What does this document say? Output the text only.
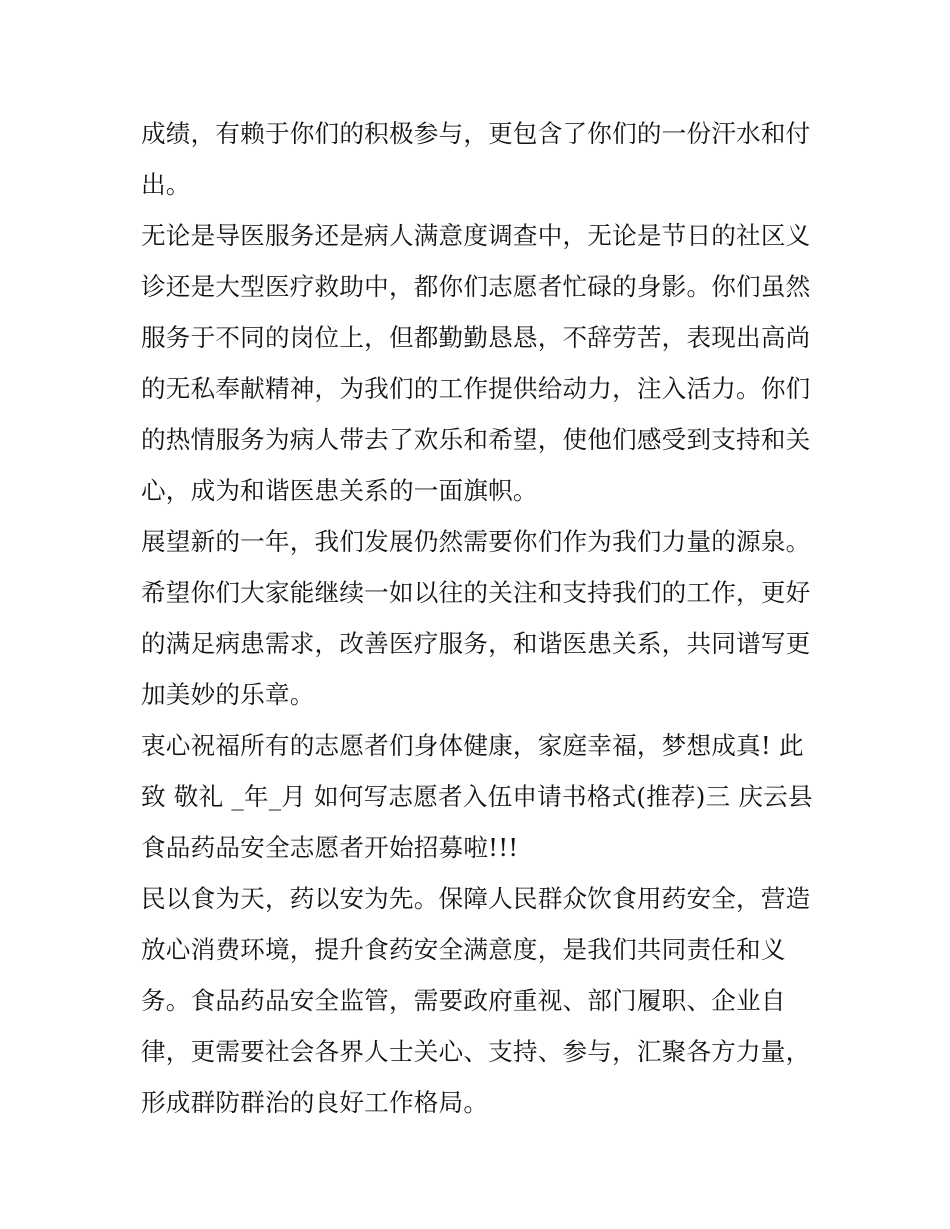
成绩，有赖于你们的积极参与，更包含了你们的一份汗水和付
出。
无论是导医服务还是病人满意度调查中，无论是节日的社区义
诊还是大型医疗救助中，都你们志愿者忙碌的身影。你们虽然
服务于不同的岗位上，但都勤勤恳恳，不辞劳苦，表现出高尚
的无私奉献精神，为我们的工作提供给动力，注入活力。你们
的热情服务为病人带去了欢乐和希望，使他们感受到支持和关
心，成为和谐医患关系的一面旗帜。
展望新的一年，我们发展仍然需要你们作为我们力量的源泉。
希望你们大家能继续一如以往的关注和支持我们的工作，更好
的满足病患需求，改善医疗服务，和谐医患关系，共同谱写更
加美妙的乐章。
衷心祝福所有的志愿者们身体健康，家庭幸福，梦想成真! 此
致 敬礼 _年_月 如何写志愿者入伍申请书格式(推荐)三 庆云县
食品药品安全志愿者开始招募啦!!!
民以食为天，药以安为先。保障人民群众饮食用药安全，营造
放心消费环境，提升食药安全满意度，是我们共同责任和义
务。食品药品安全监管，需要政府重视、部门履职、企业自
律，更需要社会各界人士关心、支持、参与，汇聚各方力量，
形成群防群治的良好工作格局。
